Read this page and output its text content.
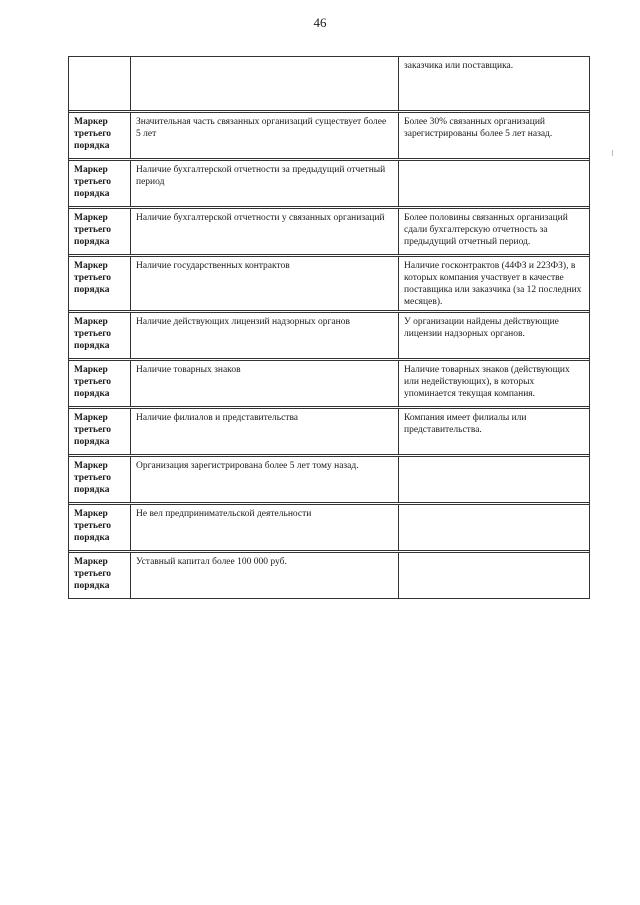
46
		заказчика или поставщика.

Маркер третьего порядка	Значительная часть связанных организаций существует более 5 лет	Более 30% связанных организаций зарегистрированы более 5 лет назад.

Маркер третьего порядка	Наличие бухгалтерской отчетности за предыдущий отчетный период	

Маркер третьего порядка	Наличие бухгалтерской отчетности у связанных организаций	Более половины связанных организаций сдали бухгалтерскую отчетность за предыдущий отчетный период.

Маркер третьего порядка	Наличие государственных контрактов	Наличие госконтрактов (44ФЗ и 223ФЗ), в которых компания участвует в качестве поставщика или заказчика (за 12 последних месяцев).

Маркер третьего порядка	Наличие действующих лицензий надзорных органов	У организации найдены действующие лицензии надзорных органов.

Маркер третьего порядка	Наличие товарных знаков	Наличие товарных знаков (действующих или недействующих), в которых упоминается текущая компания.

Маркер третьего порядка	Наличие филиалов и представительства	Компания имеет филиалы или представительства.

Маркер третьего порядка	Организация зарегистрирована более 5 лет тому назад.	

Маркер третьего порядка	Не вел предпринимательской деятельности	

Маркер третьего порядка	Уставный капитал более 100 000 руб.	
